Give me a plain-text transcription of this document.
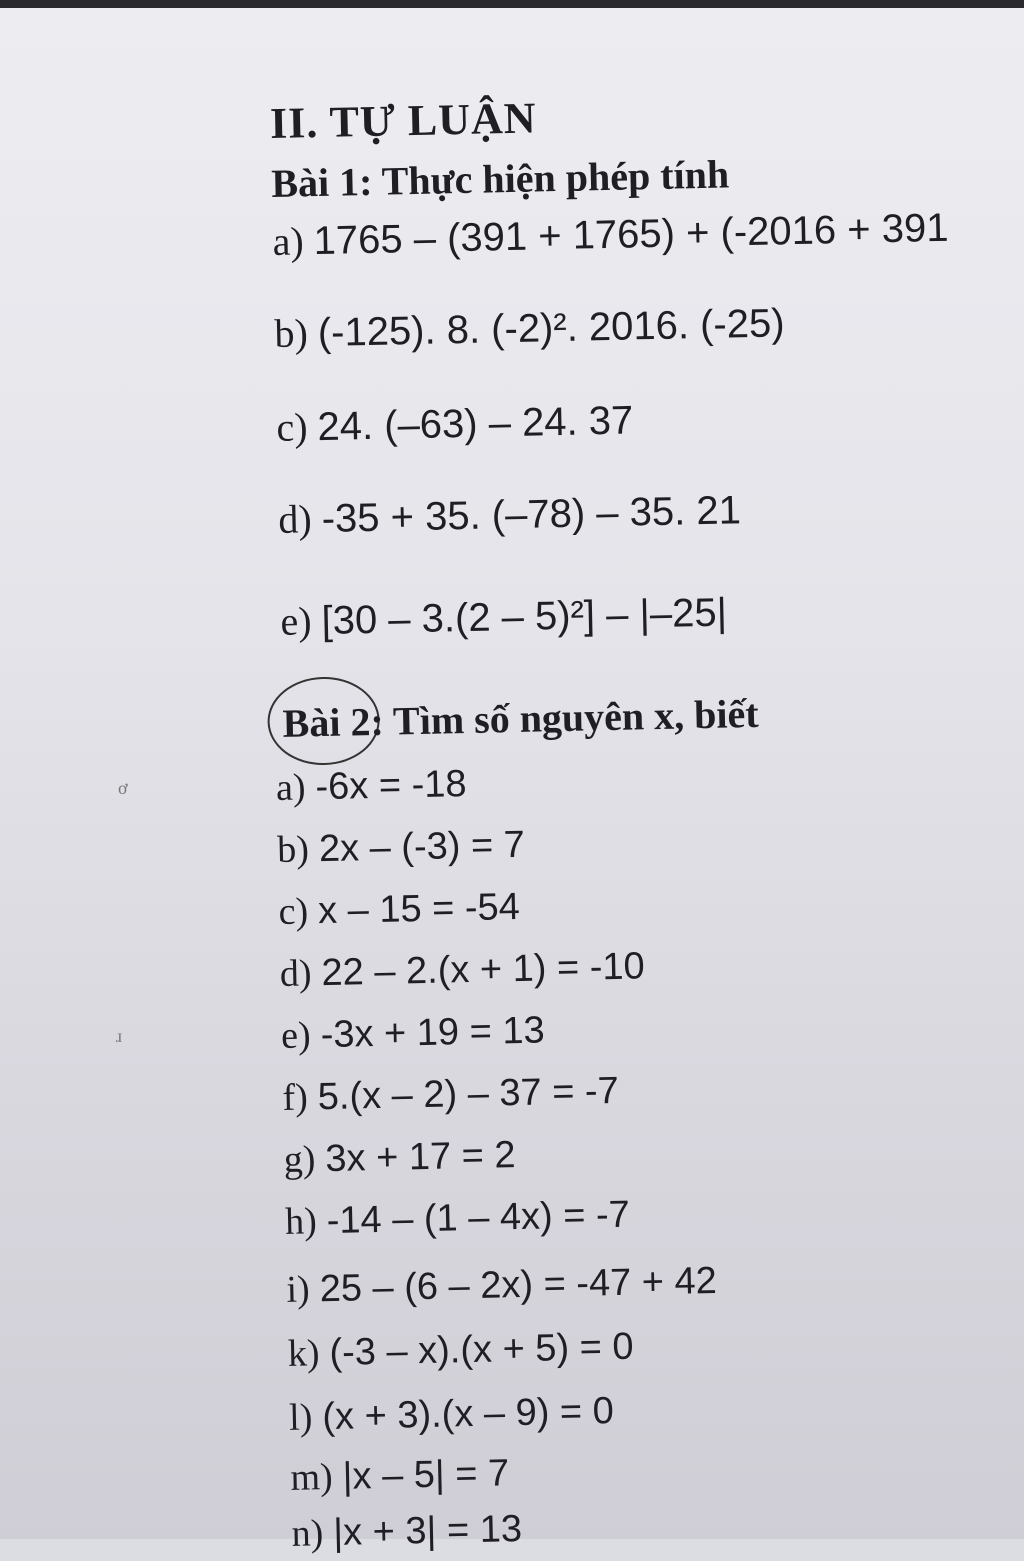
II. TỰ LUẬN
Bài 1: Thực hiện phép tính
a) 1765 – (391 + 1765) + (-2016 + 391
b) (-125). 8. (-2)². 2016. (-25)
c) 24. (–63) – 24. 37
d) -35 + 35. (–78) – 35. 21
e) [30 – 3.(2 – 5)²] – |–25|
Bài 2: Tìm số nguyên x, biết
a) -6x = -18
b) 2x – (-3) = 7
c) x – 15 = -54
d) 22 – 2.(x + 1) = -10
e) -3x + 19 = 13
f) 5.(x – 2) – 37 = -7
g) 3x + 17 = 2
h) -14 – (1 – 4x) = -7
i) 25 – (6 – 2x) = -47 + 42
k) (-3 – x).(x + 5) = 0
l) (x + 3).(x – 9) = 0
m) |x – 5| = 7
n) |x + 3| = 13
ơ
ɹ
